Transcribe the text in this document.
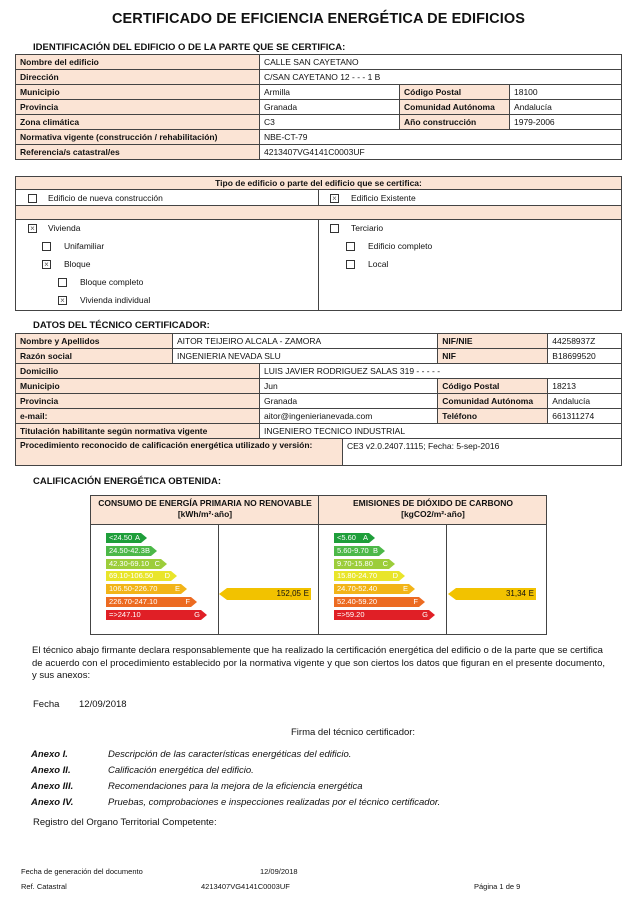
CERTIFICADO DE EFICIENCIA ENERGÉTICA DE EDIFICIOS
IDENTIFICACIÓN DEL EDIFICIO O DE LA PARTE QUE SE CERTIFICA:
Nombre del edificio	CALLE SAN CAYETANO		
Dirección	C/SAN CAYETANO 12 - - - 1 B		
Municipio	Armilla	Código Postal	18100
Provincia	Granada	Comunidad Autónoma	Andalucía
Zona climática	C3	Año construcción	1979-2006
Normativa vigente (construcción / rehabilitación)	NBE-CT-79		
Referencia/s catastral/es	4213407VG4141C0003UF		
Tipo de edificio o parte del edificio que se certifica:
Edificio de nueva construcción	× Edificio Existente
× Vivienda
Unifamiliar
× Bloque
Bloque completo
× Vivienda individual
Terciario
Edificio completo
Local
DATOS DEL TÉCNICO CERTIFICADOR:
Nombre y Apellidos	AITOR TEIJEIRO ALCALA - ZAMORA		NIF/NIE	44258937Z
Razón social	INGENIERIA NEVADA SLU		NIF	B18699520
Domicilio		LUIS JAVIER RODRIGUEZ SALAS 319 - - - - -		
Municipio		Jun	Código Postal	18213
Provincia		Granada	Comunidad Autónoma	Andalucía
e-mail:		aitor@ingenierianevada.com	Teléfono	661311274
Titulación habilitante según normativa vigente		INGENIERO TECNICO INDUSTRIAL		
Procedimiento reconocido de calificación energética utilizado y versión:	CE3 v2.0.2407.1115; Fecha: 5-sep-2016
CALIFICACIÓN ENERGÉTICA OBTENIDA:
CONSUMO DE ENERGÍA PRIMARIA NO RENOVABLE [kWh/m²·año]
EMISIONES DE DIÓXIDO DE CARBONO [kgCO2/m²·año]
<24.50 A
24.50-42.3 B
42.30-69.10 C
69.10-106.50 D
106.50-226.70 E
226.70-247.10	F
=>247.10	G
<5.60 A
5.60-9.70 B
9.70-15.80 C
15.80-24.70 D
24.70-52.40	E
52.40-59.20	F
=>59.20	G
152,05 E	31,34 E
El técnico abajo firmante declara responsablemente que ha realizado la certificación energética del edificio o de la parte que se certifica de acuerdo con el procedimiento establecido por la normativa vigente y que son ciertos los datos que figuran en el presente documento, y sus anexos:
Fecha 12/09/2018
Firma del técnico certificador:
Anexo I.	Descripción de las características energéticas del edificio.
Anexo II.	Calificación energética del edificio.
Anexo III.	Recomendaciones para la mejora de la eficiencia energética
Anexo IV.	Pruebas, comprobaciones e inspecciones realizadas por el técnico certificador.
Registro del Organo Territorial Competente:
Fecha de generación del documento	12/09/2018
Ref. Catastral	4213407VG4141C0003UF	Página 1 de 9
